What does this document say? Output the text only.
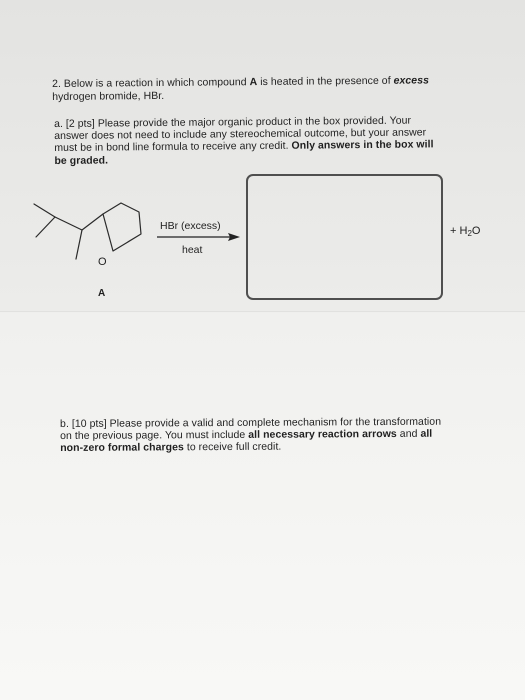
2. Below is a reaction in which compound A is heated in the presence of excess
hydrogen bromide, HBr.
a. [2 pts] Please provide the major organic product in the box provided. Your
answer does not need to include any stereochemical outcome, but your answer
must be in bond line formula to receive any credit. Only answers in the box will
be graded.
O
HBr (excess)
heat
A
+ $H_2O$
b. [10 pts] Please provide a valid and complete mechanism for the transformation
on the previous page. You must include all necessary reaction arrows and all
non-zero formal charges to receive full credit.
